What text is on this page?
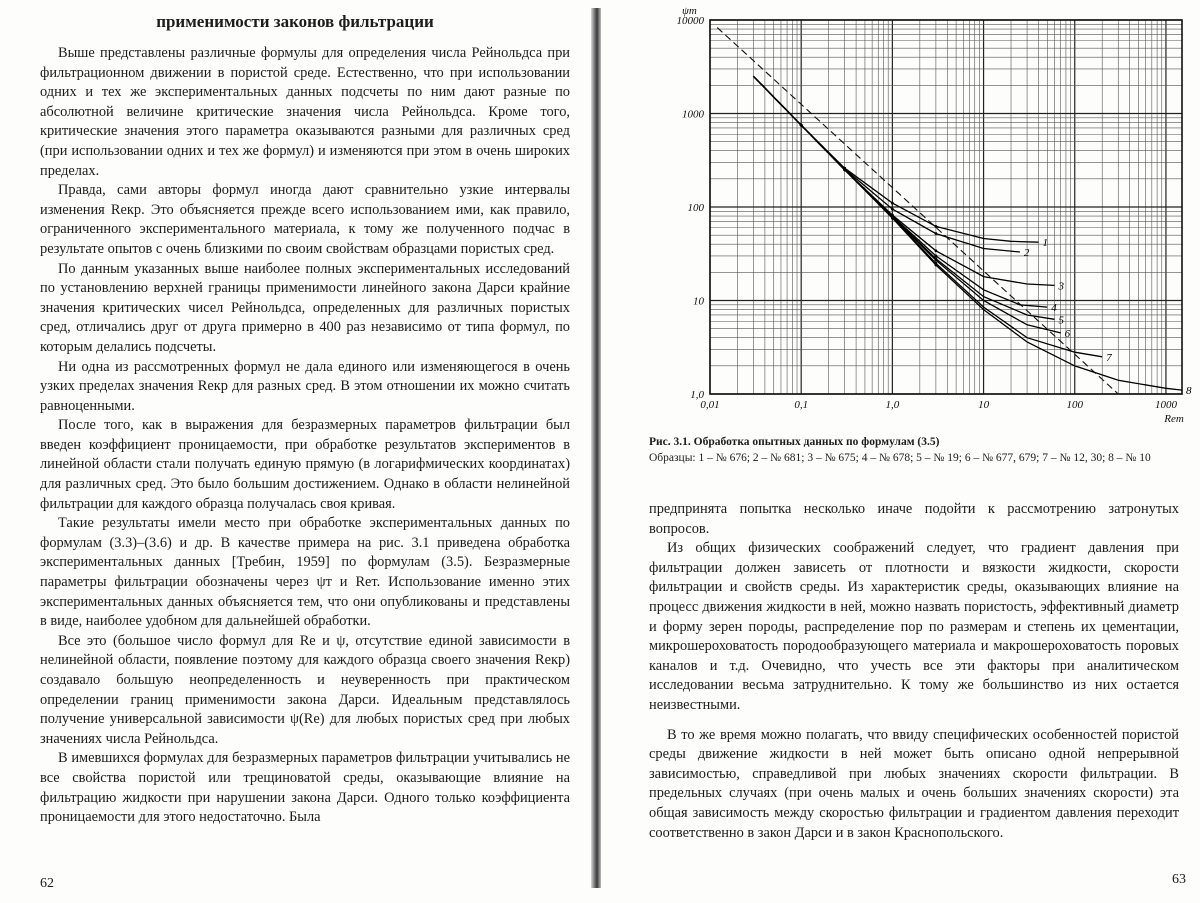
применимости законов фильтрации

Выше представлены различные формулы для определения числа Рейнольдса при фильтрационном движении в пористой среде. Естественно, что при использовании одних и тех же экспериментальных данных подсчеты по ним дают разные по абсолютной величине критические значения числа Рейнольдса. Кроме того, критические значения этого параметра оказываются разными для различных сред (при использовании одних и тех же формул) и изменяются при этом в очень широких пределах.

Правда, сами авторы формул иногда дают сравнительно узкие интервалы изменения Reкр. Это объясняется прежде всего использованием ими, как правило, ограниченного экспериментального материала, к тому же полученного подчас в результате опытов с очень близкими по своим свойствам образцами пористых сред.

По данным указанных выше наиболее полных экспериментальных исследований по установлению верхней границы применимости линейного закона Дарси крайние значения критических чисел Рейнольдса, определенных для различных пористых сред, отличались друг от друга примерно в 400 раз независимо от типа формул, по которым делались подсчеты.

Ни одна из рассмотренных формул не дала единого или изменяющегося в очень узких пределах значения Reкр для разных сред. В этом отношении их можно считать равноценными.

После того, как в выражения для безразмерных параметров фильтрации был введен коэффициент проницаемости, при обработке результатов экспериментов в линейной области стали получать единую прямую (в логарифмических координатах) для различных сред. Это было большим достижением. Однако в области нелинейной фильтрации для каждого образца получалась своя кривая.

Такие результаты имели место при обработке экспериментальных данных по формулам (3.3)–(3.6) и др. В качестве примера на рис. 3.1 приведена обработка экспериментальных данных [Требин, 1959] по формулам (3.5). Безразмерные параметры фильтрации обозначены через ψт и Reт. Использование именно этих экспериментальных данных объясняется тем, что они опубликованы и представлены в виде, наиболее удобном для дальнейшей обработки.

Все это (большое число формул для Re и ψ, отсутствие единой зависимости в нелинейной области, появление поэтому для каждого образца своего значения Reкр) создавало большую неопределенность и неуверенность при практическом определении границ применимости закона Дарси. Идеальным представлялось получение универсальной зависимости ψ(Re) для любых пористых сред при любых значениях числа Рейнольдса.

В имевшихся формулах для безразмерных параметров фильтрации учитывались не все свойства пористой или трещиноватой среды, оказывающие влияние на фильтрацию жидкости при нарушении закона Дарси. Одного только коэффициента проницаемости для этого недостаточно. Была

62
0,01	0,1	1,0	10	100	1000
1,0
10
100
1000
10000
Reт
ψт
1
2
3
4
5
6
7
8
Рис. 3.1. Обработка опытных данных по формулам (3.5)
Образцы: 1 – № 676; 2 – № 681; 3 – № 675; 4 – № 678; 5 – № 19; 6 – № 677, 679; 7 – № 12, 30; 8 – № 10

предпринята попытка несколько иначе подойти к рассмотрению затронутых вопросов.

Из общих физических соображений следует, что градиент давления при фильтрации должен зависеть от плотности и вязкости жидкости, скорости фильтрации и свойств среды. Из характеристик среды, оказывающих влияние на процесс движения жидкости в ней, можно назвать пористость, эффективный диаметр и форму зерен породы, распределение пор по размерам и степень их цементации, микрошероховатость породообразующего материала и макрошероховатость поровых каналов и т.д. Очевидно, что учесть все эти факторы при аналитическом исследовании весьма затруднительно. К тому же большинство из них остается неизвестными.

В то же время можно полагать, что ввиду специфических особенностей пористой среды движение жидкости в ней может быть описано одной непрерывной зависимостью, справедливой при любых значениях скорости фильтрации. В предельных случаях (при очень малых и очень больших значениях скорости) эта общая зависимость между скоростью фильтрации и градиентом давления переходит соответственно в закон Дарси и в закон Краснопольского.

63
